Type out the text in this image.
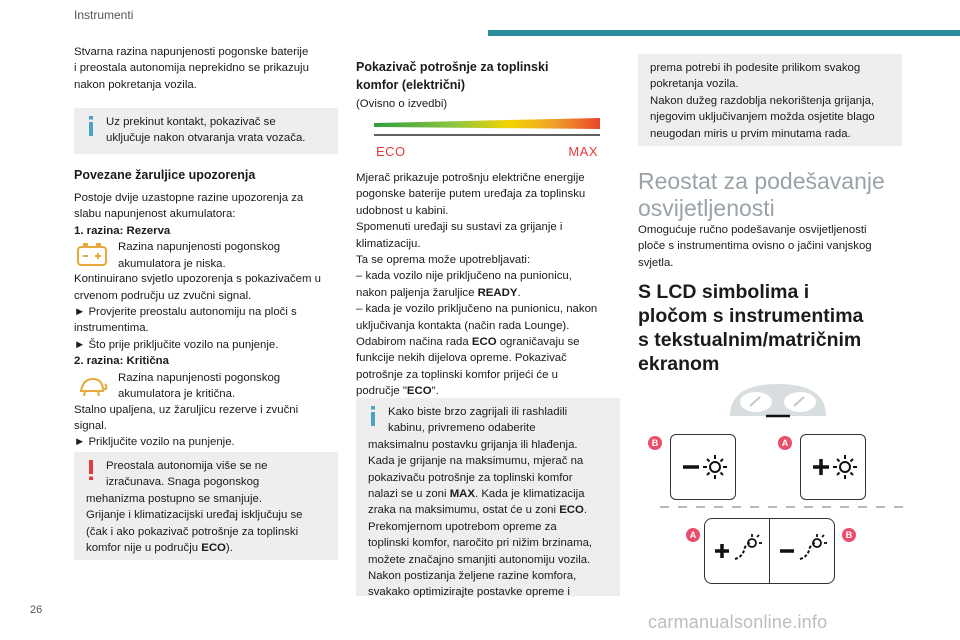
Instrumenti
26
carmanualsonline.info

Stvarna razina napunjenosti pogonske baterije

i preostala autonomija neprekidno se prikazuju

nakon pokretanja vozila.

Uz prekinut kontakt, pokazivač se

uključuje nakon otvaranja vrata vozača.

Povezane žaruljice upozorenja

Postoje dvije uzastopne razine upozorenja za

slabu napunjenost akumulatora:

1. razina: Rezerva

Razina napunjenosti pogonskog

akumulatora je niska.

Kontinuirano svjetlo upozorenja s pokazivačem u

crvenom području uz zvučni signal.

► Provjerite preostalu autonomiju na ploči s

instrumentima.

► Što prije priključite vozilo na punjenje.

2. razina: Kritična

Razina napunjenosti pogonskog

akumulatora je kritična.

Stalno upaljena, uz žaruljicu rezerve i zvučni

signal.

► Priključite vozilo na punjenje.

Preostala autonomija više se ne

izračunava. Snaga pogonskog

mehanizma postupno se smanjuje.

Grijanje i klimatizacijski uređaj isključuju se

(čak i ako pokazivač potrošnje za toplinski

komfor nije u području ECO).

Pokazivač potrošnje za toplinski
komfor (električni)
(Ovisno o izvedbi)
ECO	MAX

Mjerač prikazuje potrošnju električne energije

pogonske baterije putem uređaja za toplinsku

udobnost u kabini.

Spomenuti uređaji su sustavi za grijanje i

klimatizaciju.

Ta se oprema može upotrebljavati:

– kada vozilo nije priključeno na punionicu,

nakon paljenja žaruljice READY.

– kada je vozilo priključeno na punionicu, nakon

uključivanja kontakta (način rada Lounge).

Odabirom načina rada ECO ograničavaju se

funkcije nekih dijelova opreme. Pokazivač

potrošnje za toplinski komfor prijeći će u

područje "ECO".

Kako biste brzo zagrijali ili rashladili

kabinu, privremeno odaberite

maksimalnu postavku grijanja ili hlađenja.

Kada je grijanje na maksimumu, mjerač na

pokazivaču potrošnje za toplinski komfor

nalazi se u zoni MAX. Kada je klimatizacija

zraka na maksimumu, ostat će u zoni ECO.

Prekomjernom upotrebom opreme za

toplinski komfor, naročito pri nižim brzinama,

možete značajno smanjiti autonomiju vozila.

Nakon postizanja željene razine komfora,

svakako optimizirajte postavke opreme i

prema potrebi ih podesite prilikom svakog

pokretanja vozila.

Nakon dužeg razdoblja nekorištenja grijanja,

njegovim uključivanjem možda osjetite blago

neugodan miris u prvim minutama rada.

Reostat za podešavanje
osvijetljenosti

Omogućuje ručno podešavanje osvijetljenosti

ploče s instrumentima ovisno o jačini vanjskog

svjetla.

S LCD simbolima i
pločom s instrumentima
s tekstualnim/matričnim
ekranom
B	A
A	B
